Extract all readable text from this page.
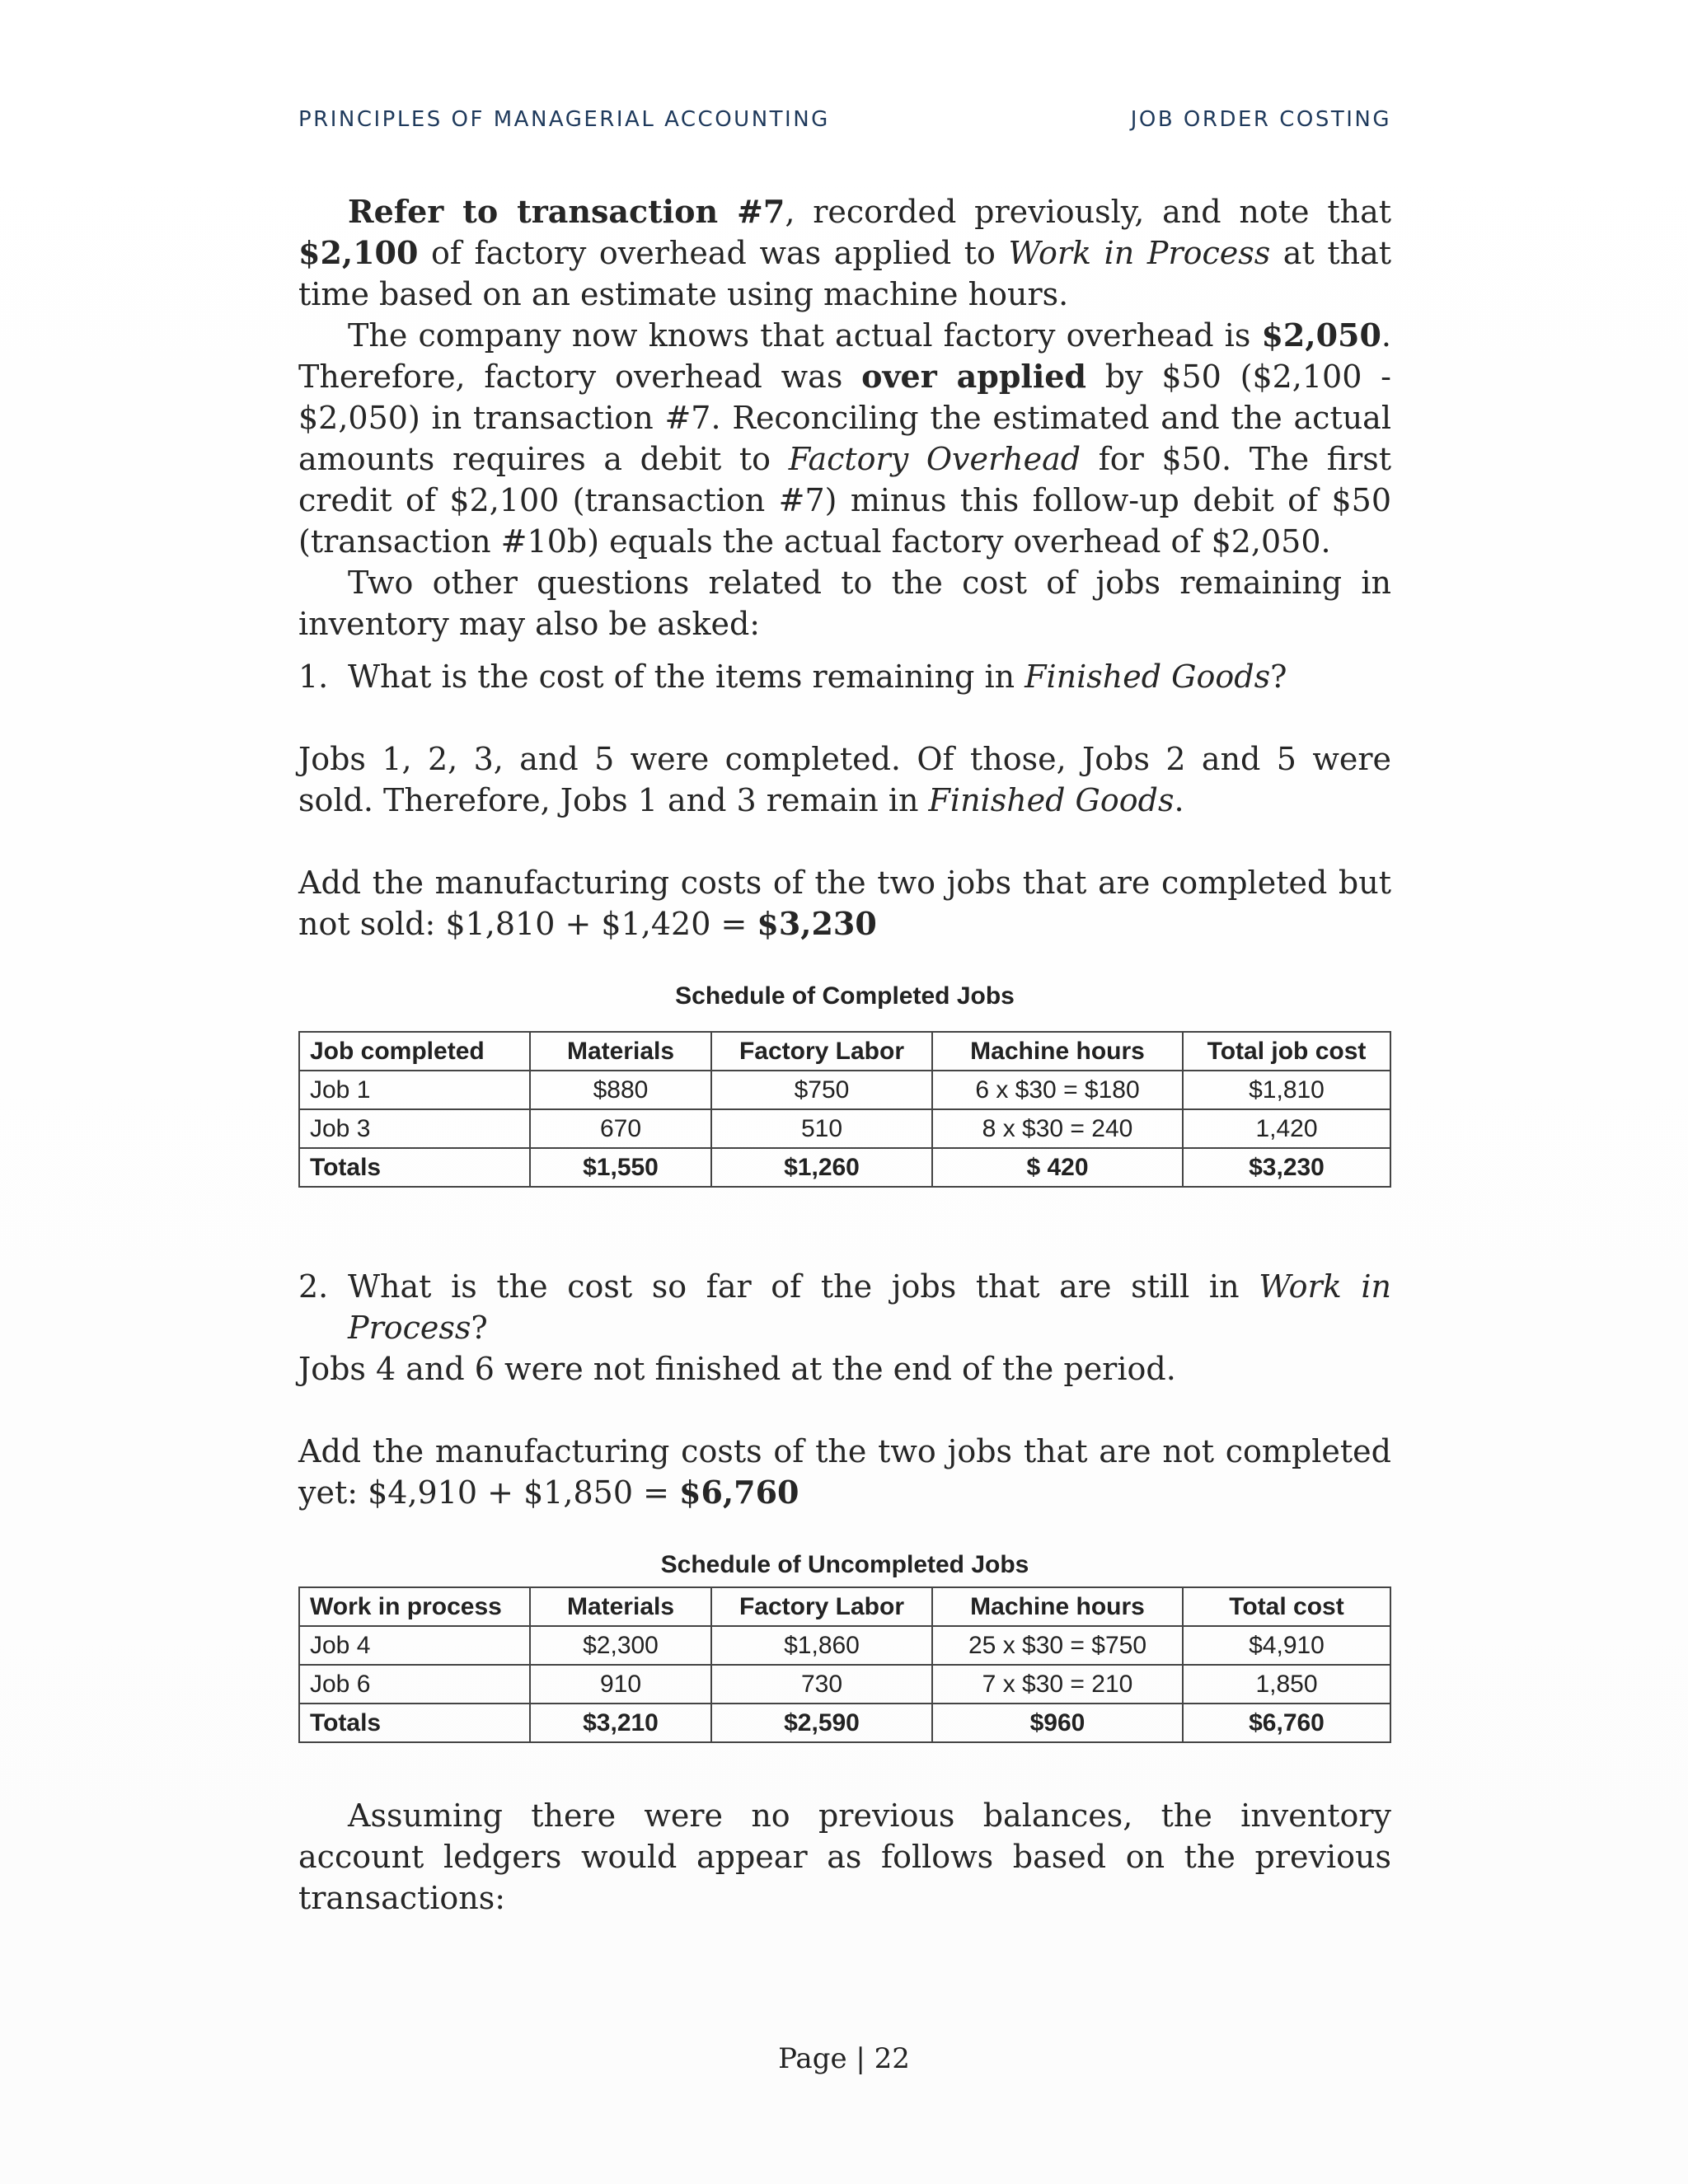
PRINCIPLES OF MANAGERIAL ACCOUNTING	JOB ORDER COSTING

Refer to transaction #7, recorded previously, and note that $2,100 of factory overhead was applied to Work in Process at that time based on an estimate using machine hours.

The company now knows that actual factory overhead is $2,050. Therefore, factory overhead was over applied by $50 ($2,100 - $2,050) in transaction #7. Reconciling the estimated and the actual amounts requires a debit to Factory Overhead for $50. The first credit of $2,100 (transaction #7) minus this follow-up debit of $50 (transaction #10b) equals the actual factory overhead of $2,050.

Two other questions related to the cost of jobs remaining in inventory may also be asked:

1. What is the cost of the items remaining in Finished Goods?

Jobs 1, 2, 3, and 5 were completed. Of those, Jobs 2 and 5 were sold. Therefore, Jobs 1 and 3 remain in Finished Goods.

Add the manufacturing costs of the two jobs that are completed but not sold: $1,810 + $1,420 = $3,230

Schedule of Completed Jobs
Job completed	Materials	Factory Labor	Machine hours	Total job cost
Job 1	$880	$750	6 x $30 = $180	$1,810
Job 3	670	510	8 x $30 = 240	1,420
Totals	$1,550	$1,260	$ 420	$3,230

2. What is the cost so far of the jobs that are still in Work in Process?

Jobs 4 and 6 were not finished at the end of the period.

Add the manufacturing costs of the two jobs that are not completed yet: $4,910 + $1,850 = $6,760

Schedule of Uncompleted Jobs
Work in process	Materials	Factory Labor	Machine hours	Total cost
Job 4	$2,300	$1,860	25 x $30 = $750	$4,910
Job 6	910	730	7 x $30 = 210	1,850
Totals	$3,210	$2,590	$960	$6,760

Assuming there were no previous balances, the inventory account ledgers would appear as follows based on the previous transactions:

Page | 22
